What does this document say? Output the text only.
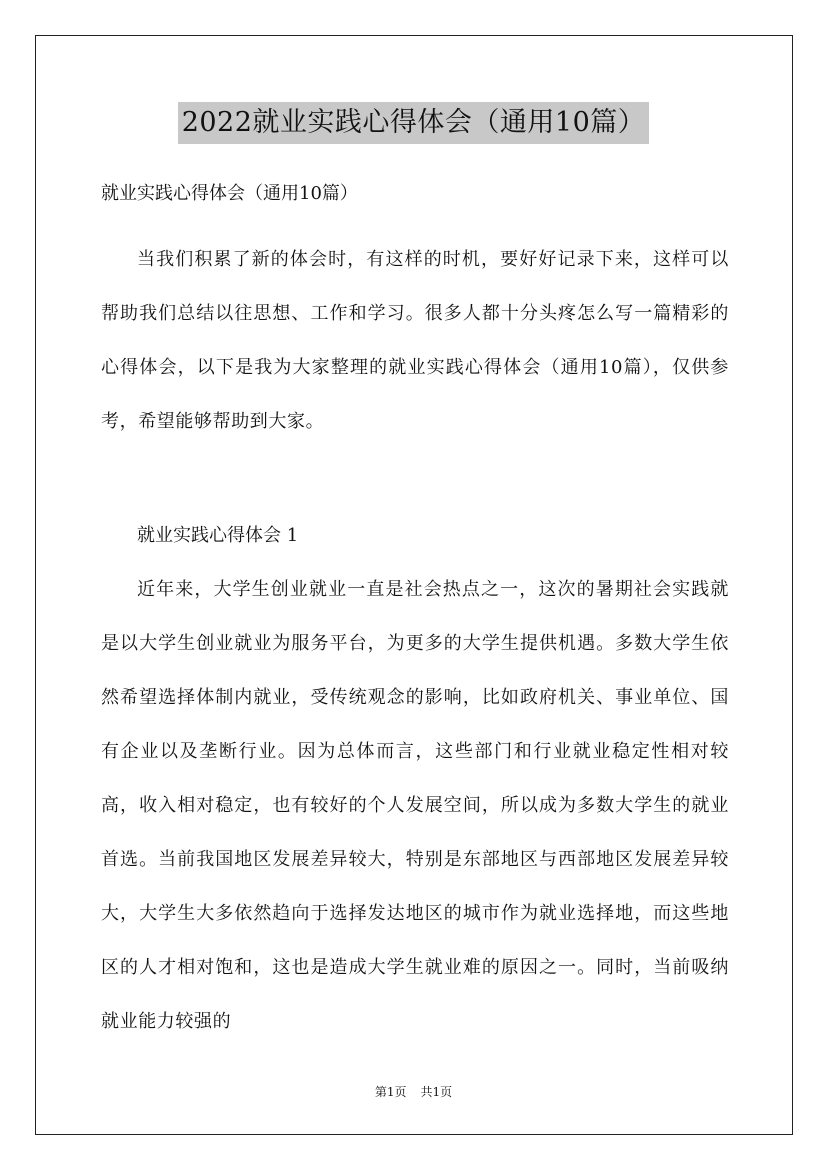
2022就业实践心得体会（通用10篇）
就业实践心得体会（通用10篇）

当我们积累了新的体会时，有这样的时机，要好好记录下来，这样可以帮助我们总结以往思想、工作和学习。很多人都十分头疼怎么写一篇精彩的心得体会，以下是我为大家整理的就业实践心得体会（通用10篇），仅供参考，希望能够帮助到大家。

就业实践心得体会 1

近年来，大学生创业就业一直是社会热点之一，这次的暑期社会实践就是以大学生创业就业为服务平台，为更多的大学生提供机遇。多数大学生依然希望选择体制内就业，受传统观念的影响，比如政府机关、事业单位、国有企业以及垄断行业。因为总体而言，这些部门和行业就业稳定性相对较高，收入相对稳定，也有较好的个人发展空间，所以成为多数大学生的就业首选。当前我国地区发展差异较大，特别是东部地区与西部地区发展差异较大，大学生大多依然趋向于选择发达地区的城市作为就业选择地，而这些地区的人才相对饱和，这也是造成大学生就业难的原因之一。同时，当前吸纳就业能力较强的

第1页 共1页
